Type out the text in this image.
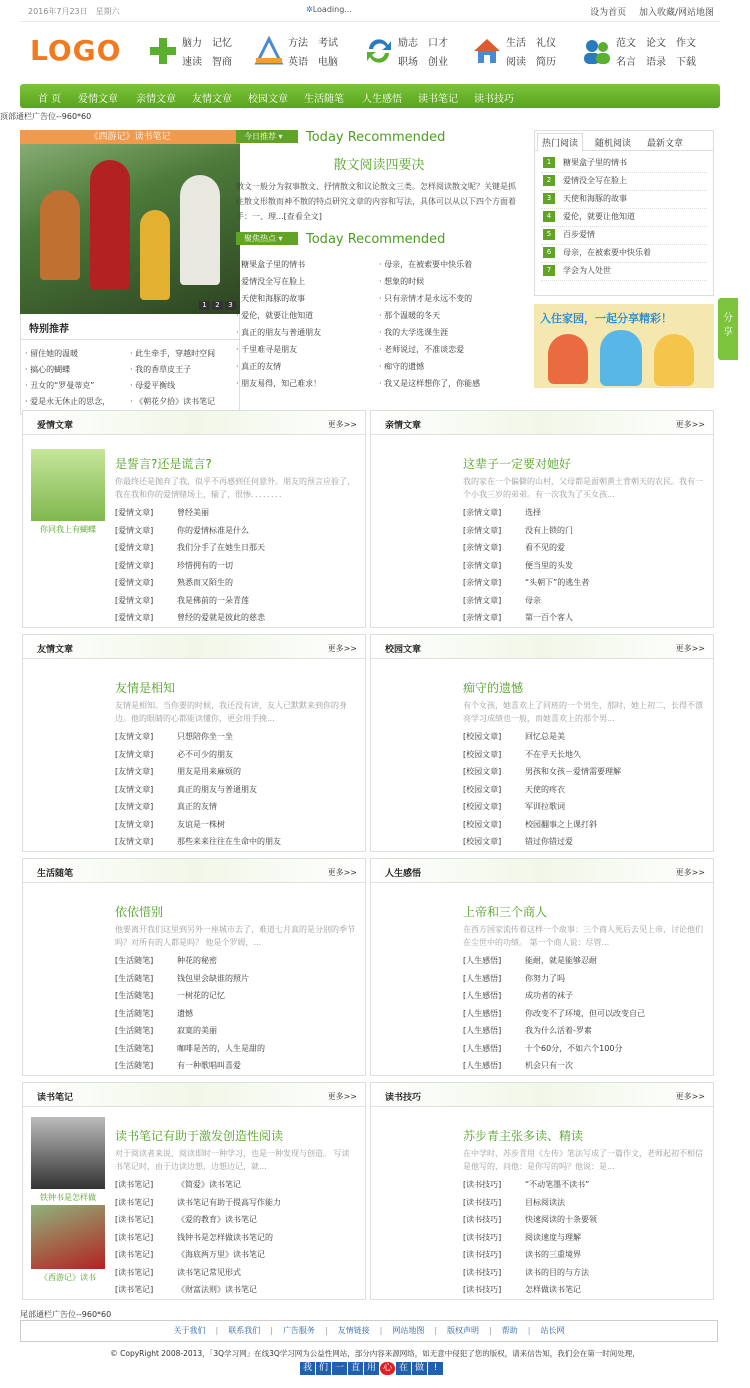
2016年7月23日　 星期六	✲Loading...	设为首页 加入收藏/网站地图
LOGO	脑力 记忆速读 智商
方法 考试英语 电脑
励志 口才职场 创业
生活 礼仪阅读 简历
范文 论文 作文名言 语录 下载
首 页 爱情文章 亲情文章 友情文章 校园文章 生活随笔 人生感悟 读书笔记 读书技巧
顶部通栏广告位--960*60
《西游记》读书笔记
1 2 3
特别推荐
· 留住她的温暖	· 此生牵手，穿越时空间
· 搞心的蝴蝶	· 我的香草皮王子
· 丑女的“罗曼蒂克”	· 母爱平衡线
· 爱是永无休止的思念，	· 《朝花夕拾》读书笔记
今日推荐 ▾ Today Recommended
散文阅读四要决
散文一般分为叙事散文、抒情散文和议论散文三类。怎样阅读散文呢？关键是抓住散文形散而神不散的特点研究文章的内容和写法，具体可以从以下四个方面着手：一、理...[查看全文]
聚焦热点 ▾ Today Recommended
· 糖果盒子里的情书	· 母亲，在被索要中快乐着
· 爱情没全写在脸上	· 想象的时候
· 天使和海豚的故事	· 只有亲情才是永远不变的
· 爱伦，就要让他知道	· 那个温暖的冬天
· 真正的朋友与普通朋友	· 我的大学选课生涯
· 千里难寻是朋友	· 老师说过，不准谈恋爱
· 真正的友情	· 痴守的遗憾
· 朋友易得，知己难求！	· 我又是这样想你了，你能感
热门阅读	随机阅读 最新文章
1	糖果盒子里的情书
2	爱情没全写在脸上
3	天使和海豚的故事
4	爱伦，就要让他知道
5	百步爱情
6	母亲，在被索要中快乐着
7	学会为人处世
入住家园，一起分享精彩！	分
享
爱情文章	更多>>
你同我上有蝴蝶
是誓言?还是谎言?
你最终还是抛弃了我，似乎不再感到任何意外。朋友的预言应验了，我在我和你的爱情赌场上，输了，很惨．．．．．．．．
[爱情文章]	曾经美丽
[爱情文章]	你的爱情标准是什么
[爱情文章]	我们分手了在她生日那天
[爱情文章]	珍惜拥有的一切
[爱情文章]	熟悉而又陌生的
[爱情文章]	我是佛前的一朵青莲
[爱情文章]	曾经的爱就是彼此的慈悲
亲情文章	更多>>
这辈子一定要对她好
我的家在一个偏僻的山村，父母都是面朝黄土背朝天的农民。我有一个小我三岁的弟弟。有一次我为了买女孩...
[亲情文章]	选择
[亲情文章]	没有上锁的门
[亲情文章]	看不见的爱
[亲情文章]	便当里的头发
[亲情文章]	“头朝下”的逃生者
[亲情文章]	母亲
[亲情文章]	第一百个客人
友情文章	更多>>
友情是相知
友情是相知。当你要的时候，我还没有讲，友人已默默来到你的身边。他的眼睛的心都能读懂你，更会用手挽...
[友情文章]	只想陪你坐一坐
[友情文章]	必不可少的朋友
[友情文章]	朋友是用来麻烦的
[友情文章]	真正的朋友与普通朋友
[友情文章]	真正的友情
[友情文章]	友谊是一株树
[友情文章]	那些来来往往在生命中的朋友
校园文章	更多>>
痴守的遗憾
有个女孩，她喜欢上了同班的一个男生，那时，她上初二，长得不漂亮学习成绩也一般，而她喜欢上的那个男...
[校园文章]	回忆总是美
[校园文章]	不在乎天长地久
[校园文章]	男孩和女孩－爱情需要理解
[校园文章]	天使的疼衣
[校园文章]	军训拉歌词
[校园文章]	校园翻事之上课打斜
[校园文章]	错过你错过爱
生活随笔	更多>>
依依惜别
他要离开我们这里到另外一座城市去了，难道七月真的是分别的季节吗？对所有的人都是吗？ 他是个罗姆，...
[生活随笔]	种花的秘密
[生活随笔]	钱包里会缺谁的照片
[生活随笔]	一树花的记忆
[生活随笔]	遗憾
[生活随笔]	寂寞的美丽
[生活随笔]	咖啡是苦的，人生是甜的
[生活随笔]	有一种歌唱叫喜爱
人生感悟	更多>>
上帝和三个商人
在西方国家流传着这样一个故事：三个商人死后去见上帝，讨论他们在尘世中的功绩。 第一个商人说：尽管...
[人生感悟]	能耐，就是能够忍耐
[人生感悟]	你努力了吗
[人生感悟]	成功者的袜子
[人生感悟]	你改变不了环境，但可以改变自己
[人生感悟]	我为什么活着-罗素
[人生感悟]	十个60分，不如六个100分
[人生感悟]	机会只有一次
读书笔记	更多>>
铁钟书是怎样做
《西游记》读书
读书笔记有助于激发创造性阅读
对于阅读者来说，阅读即时一种学习，也是一种发现与创造。 写读书笔记时，由于边读边想，边想边记，就...
[读书笔记]	《简爱》读书笔记
[读书笔记]	读书笔记有助于提高写作能力
[读书笔记]	《爱的教育》读书笔记
[读书笔记]	钱钟书是怎样做读书笔记的
[读书笔记]	《海底两万里》读书笔记
[读书笔记]	读书笔记常见形式
[读书笔记]	《财富法则》读书笔记
读书技巧	更多>>
苏步青主张多读、精读
在中学时，苏步青用《左传》笔法写成了一篇作文，老师起初不相信是他写的，问他：是你写的吗？他说：是...
[读书技巧]	“不动笔墨不读书”
[读书技巧]	目标阅读法
[读书技巧]	快速阅读的十条要领
[读书技巧]	阅读速度与理解
[读书技巧]	读书的三重境界
[读书技巧]	读书的目的与方法
[读书技巧]	怎样做读书笔记
尾部通栏广告位--960*60
关于我们 | 联系我们 | 广告服务 | 友情链接 | 网站地图 | 版权声明 | 帮助 | 站长网
© CopyRight 2008-2013，「3Q学习网」在线3Q学习网为公益性网站，部分内容来源网络，如无意中侵犯了您的版权，请来信告知，我们会在第一时间处理，
我 们 一 直 用 心 在 做 !
